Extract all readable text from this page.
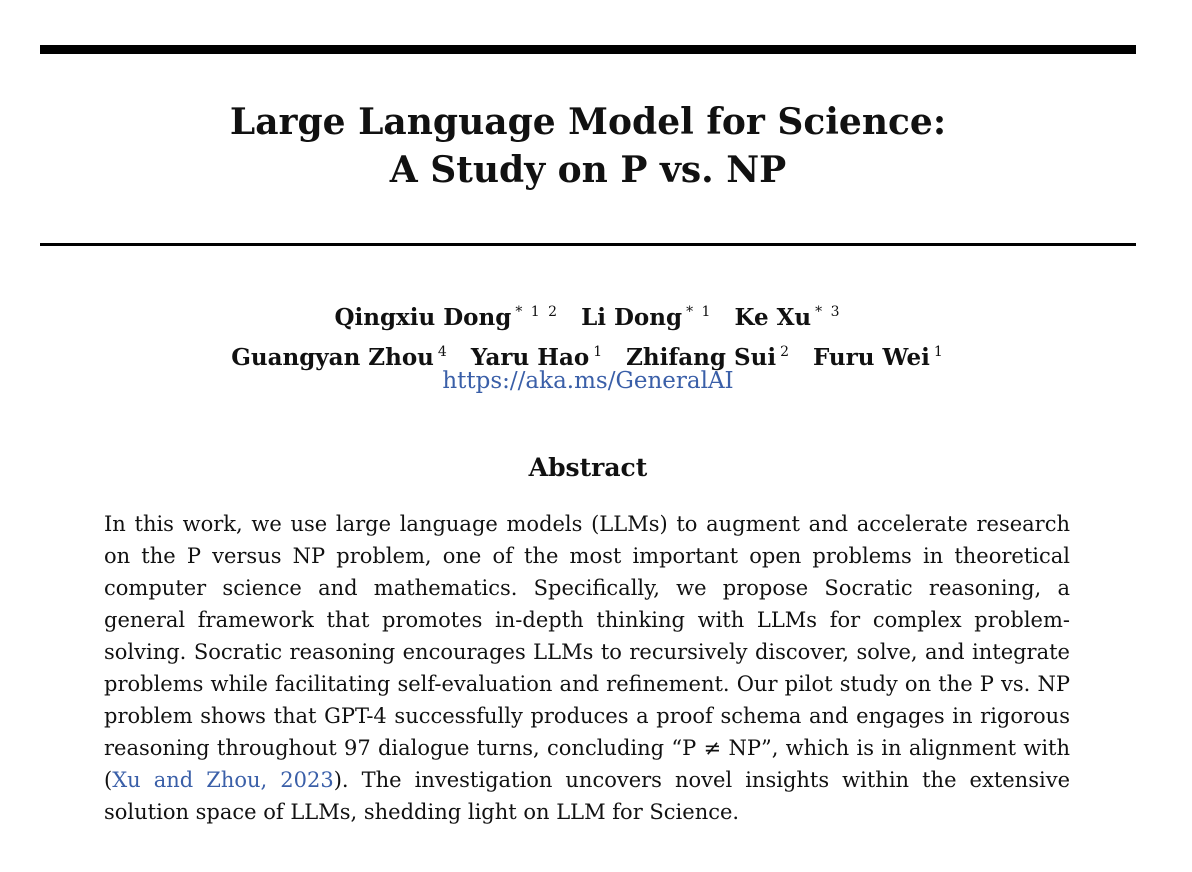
Large Language Model for Science:
A Study on P vs. NP
Qingxiu Dong $^{* 1 2}$ Li Dong $^{* 1}$ Ke Xu $^{* 3}$
Guangyan Zhou $^4$ Yaru Hao $^1$ Zhifang Sui $^2$ Furu Wei $^1$
https://aka.ms/GeneralAI
Abstract
In this work, we use large language models (LLMs) to augment and accelerate research on the P versus NP problem, one of the most important open problems in theoretical computer science and mathematics. Specifically, we propose Socratic reasoning, a general framework that promotes in-depth thinking with LLMs for complex problem-solving. Socratic reasoning encourages LLMs to recursively discover, solve, and integrate problems while facilitating self-evaluation and refinement. Our pilot study on the P vs. NP problem shows that GPT-4 successfully produces a proof schema and engages in rigorous reasoning throughout 97 dialogue turns, concluding “P ≠ NP”, which is in alignment with (Xu and Zhou, 2023). The investigation uncovers novel insights within the extensive solution space of LLMs, shedding light on LLM for Science.
